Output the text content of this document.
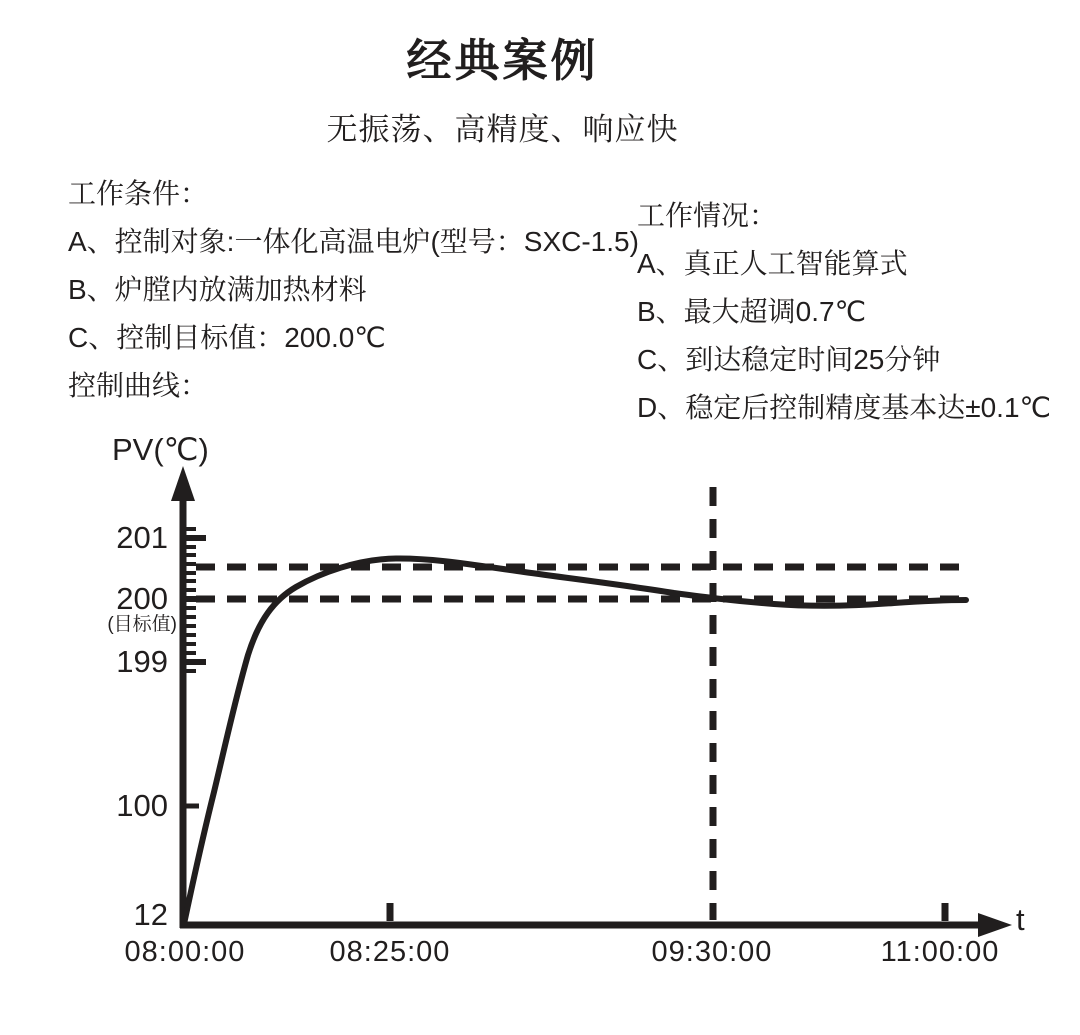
经典案例
无振荡、高精度、响应快
工作条件：
A、控制对象:一体化高温电炉(型号：SXC-1.5)
B、炉膛内放满加热材料
C、控制目标值：200.0℃
控制曲线：
工作情况：
A、真正人工智能算式
B、最大超调0.7℃
C、到达稳定时间25分钟
D、稳定后控制精度基本达±0.1℃
PV(℃)
t
201
200
(目标值)
199
100
12
08:00:00	08:25:00	09:30:00	11:00:00
